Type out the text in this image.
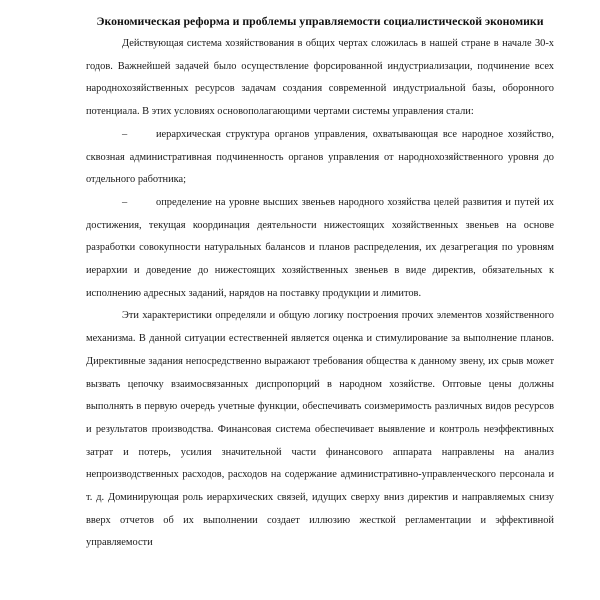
Экономическая реформа и проблемы управляемости социалистической экономики

Действующая система хозяйствования в общих чертах сложилась в нашей стране в начале 30-х годов. Важнейшей задачей было осуществление форсированной индустриализации, подчинение всех народнохозяйственных ресурсов задачам создания современной индустриальной базы, оборонного потенциала. В этих условиях основополагающими чертами системы управления стали:

–	иерархическая структура органов управления, охватывающая все народное хозяйство, сквозная административная подчиненность органов управления от народнохозяйственного уровня до отдельного работника;

–	определение на уровне высших звеньев народного хозяйства целей развития и путей их достижения, текущая координация деятельности нижестоящих хозяйственных звеньев на основе разработки совокупности натуральных балансов и планов распределения, их дезагрегация по уровням иерархии и доведение до нижестоящих хозяйственных звеньев в виде директив, обязательных к исполнению адресных заданий, нарядов на поставку продукции и лимитов.

Эти характеристики определяли и общую логику построения прочих элементов хозяйственного механизма. В данной ситуации естественней является оценка и стимулирование за выполнение планов. Директивные задания непосредственно выражают требования общества к данному звену, их срыв может вызвать цепочку взаимосвязанных диспропорций в народном хозяйстве. Оптовые цены должны выполнять в первую очередь учетные функции, обеспечивать соизмеримость различных видов ресурсов и результатов производства. Финансовая система обеспечивает выявление и контроль неэффективных затрат и потерь, усилия значительной части финансового аппарата направлены на анализ непроизводственных расходов, расходов на содержание административно-управленческого персонала и т. д. Доминирующая роль иерархических связей, идущих сверху вниз директив и направляемых снизу вверх отчетов об их выполнении создает иллюзию жесткой регламентации и эффективной управляемости
